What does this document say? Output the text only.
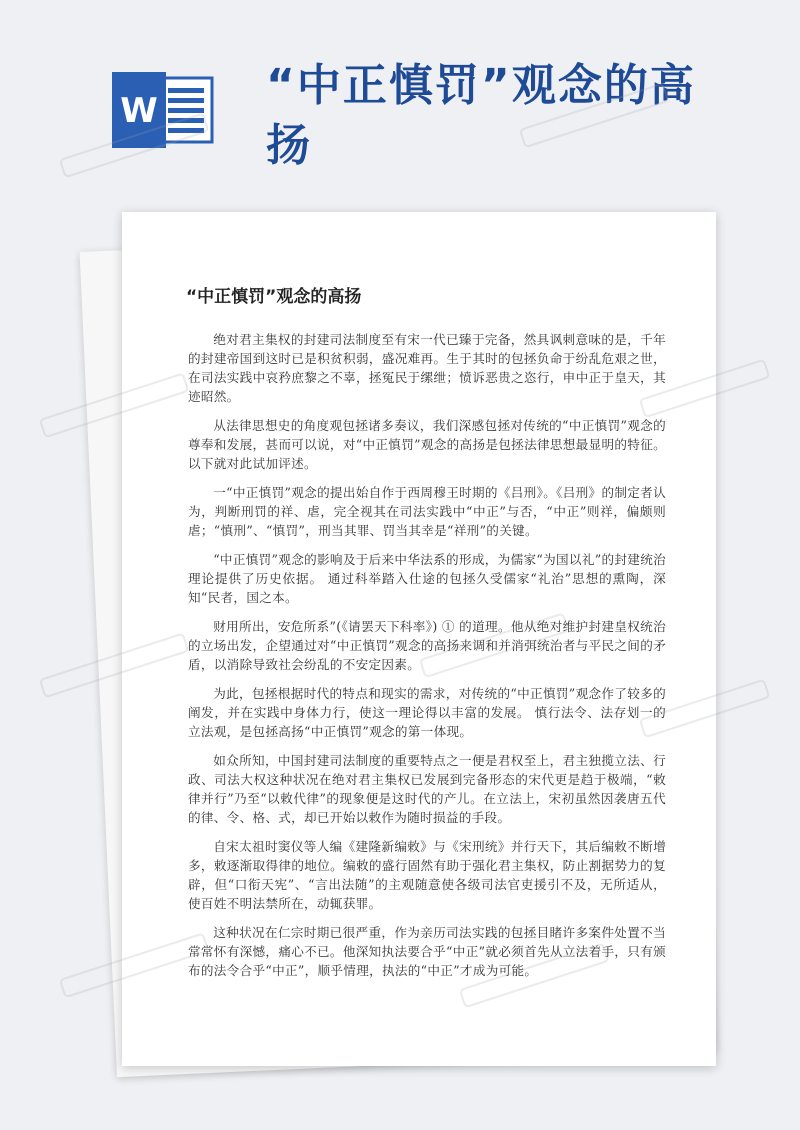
W “中正慎罚”观念的高扬
“中正慎罚”观念的高扬

绝对君主集权的封建司法制度至有宋一代已臻于完备，然具讽刺意味的是，千年的封建帝国到这时已是积贫积弱，盛况难再。生于其时的包拯负命于纷乱危艰之世，在司法实践中哀矜庶黎之不辜，拯冤民于缧绁；愤诉恶贵之恣行，申中正于皇天，其迹昭然。

从法律思想史的角度观包拯诸多奏议，我们深感包拯对传统的“中正慎罚”观念的尊奉和发展，甚而可以说，对“中正慎罚”观念的高扬是包拯法律思想最显明的特征。以下就对此试加评述。

一“中正慎罚”观念的提出始自作于西周穆王时期的《吕刑》。《吕刑》的制定者认为，判断刑罚的祥、虐，完全视其在司法实践中“中正”与否，“中正”则祥，偏颇则虐；“慎刑”、“慎罚”，刑当其罪、罚当其幸是“祥刑”的关键。

“中正慎罚”观念的影响及于后来中华法系的形成，为儒家“为国以礼”的封建统治理论提供了历史依据。 通过科举踏入仕途的包拯久受儒家“礼治”思想的熏陶，深知“民者，国之本。

财用所出，安危所系”(《请罢天下科率》) ① 的道理。他从绝对维护封建皇权统治的立场出发，企望通过对“中正慎罚”观念的高扬来调和并消弭统治者与平民之间的矛盾，以消除导致社会纷乱的不安定因素。

为此，包拯根据时代的特点和现实的需求，对传统的“中正慎罚”观念作了较多的阐发，并在实践中身体力行，使这一理论得以丰富的发展。 慎行法令、法存划一的立法观，是包拯高扬“中正慎罚”观念的第一体现。

如众所知，中国封建司法制度的重要特点之一便是君权至上，君主独揽立法、行政、司法大权这种状况在绝对君主集权已发展到完备形态的宋代更是趋于极端，“敕律并行”乃至“以敕代律”的现象便是这时代的产儿。在立法上，宋初虽然因袭唐五代的律、令、格、式，却已开始以敕作为随时损益的手段。

自宋太祖时窦仪等人编《建隆新编敕》与《宋刑统》并行天下，其后编敕不断增多，敕逐渐取得律的地位。编敕的盛行固然有助于强化君主集权，防止割据势力的复辟，但“口衔天宪”、“言出法随”的主观随意使各级司法官吏援引不及，无所适从，使百姓不明法禁所在，动辄获罪。

这种状况在仁宗时期已很严重，作为亲历司法实践的包拯目睹许多案件处置不当常常怀有深憾，痛心不已。他深知执法要合乎“中正”就必须首先从立法着手，只有颁布的法令合乎“中正”，顺乎情理，执法的“中正”才成为可能。
